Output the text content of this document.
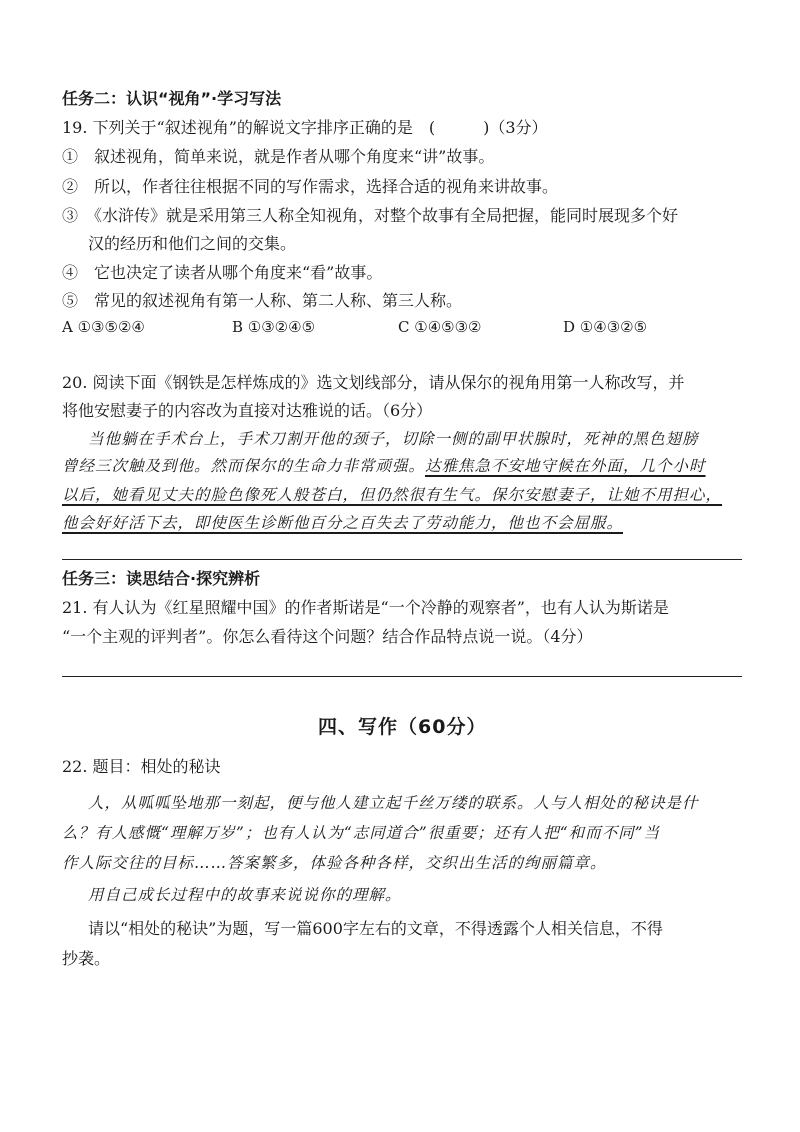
任务二：认识“视角”·学习写法
19. 下列关于“叙述视角”的解说文字排序正确的是　(　　　)（3分）
①　叙述视角，简单来说，就是作者从哪个角度来“讲”故事。
②　所以，作者往往根据不同的写作需求，选择合适的视角来讲故事。
③　《水浒传》就是采用第三人称全知视角，对整个故事有全局把握，能同时展现多个好
汉的经历和他们之间的交集。
④　它也决定了读者从哪个角度来“看”故事。
⑤　常见的叙述视角有第一人称、第二人称、第三人称。
A ①③⑤②④	B ①③②④⑤	C ①④⑤③②	D ①④③②⑤
20. 阅读下面《钢铁是怎样炼成的》选文划线部分，请从保尔的视角用第一人称改写，并
将他安慰妻子的内容改为直接对达雅说的话。（6分）
当他躺在手术台上，手术刀割开他的颈子，切除一侧的副甲状腺时，死神的黑色翅膀
曾经三次触及到他。然而保尔的生命力非常顽强。达雅焦急不安地守候在外面，几个小时
以后，她看见丈夫的脸色像死人般苍白，但仍然很有生气。保尔安慰妻子，让她不用担心，
他会好好活下去，即使医生诊断他百分之百失去了劳动能力，他也不会屈服。
任务三：读思结合·探究辨析
21. 有人认为《红星照耀中国》的作者斯诺是“一个冷静的观察者”，也有人认为斯诺是
“一个主观的评判者”。你怎么看待这个问题？结合作品特点说一说。（4分）
四、写作（60分）
22. 题目：相处的秘诀
人，从呱呱坠地那一刻起，便与他人建立起千丝万缕的联系。人与人相处的秘诀是什
么？有人感慨“理解万岁”；也有人认为“志同道合”很重要；还有人把“和而不同”当
作人际交往的目标……答案繁多，体验各种各样，交织出生活的绚丽篇章。
用自己成长过程中的故事来说说你的理解。
请以“相处的秘诀”为题，写一篇600字左右的文章，不得透露个人相关信息，不得
抄袭。
